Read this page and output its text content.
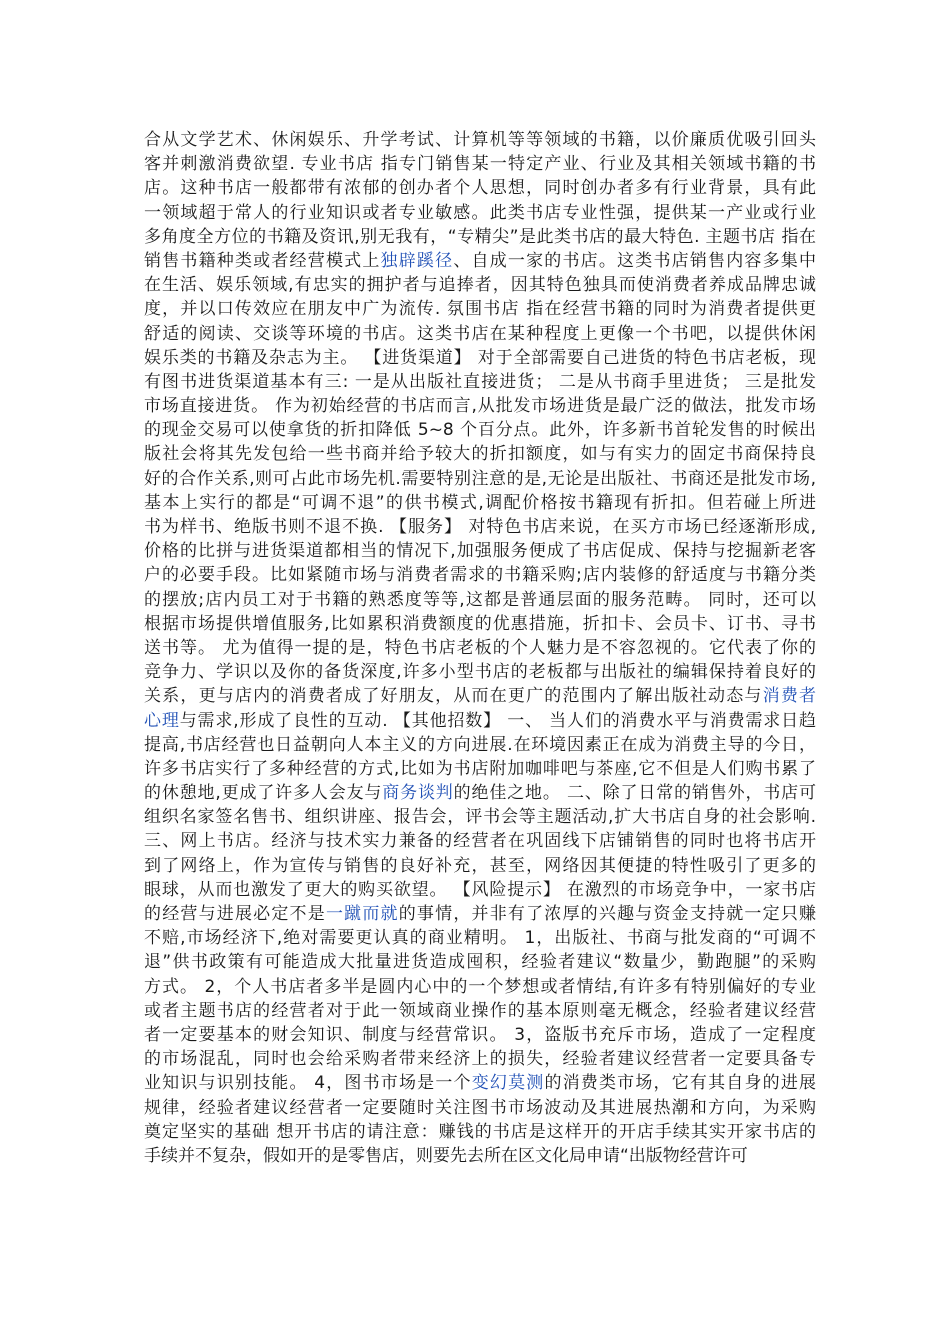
合从文学艺术、休闲娱乐、升学考试、计算机等等领域的书籍，以价廉质优吸引回头
客并刺激消费欲望. 专业书店 指专门销售某一特定产业、行业及其相关领域书籍的书
店。这种书店一般都带有浓郁的创办者个人思想，同时创办者多有行业背景，具有此
一领域超于常人的行业知识或者专业敏感。此类书店专业性强，提供某一产业或行业
多角度全方位的书籍及资讯,别无我有，“专精尖”是此类书店的最大特色. 主题书店 指在
销售书籍种类或者经营模式上独辟蹊径、自成一家的书店。这类书店销售内容多集中
在生活、娱乐领域,有忠实的拥护者与追捧者，因其特色独具而使消费者养成品牌忠诚
度，并以口传效应在朋友中广为流传. 氛围书店 指在经营书籍的同时为消费者提供更
舒适的阅读、交谈等环境的书店。这类书店在某种程度上更像一个书吧，以提供休闲
娱乐类的书籍及杂志为主。 【进货渠道】 对于全部需要自己进货的特色书店老板，现
有图书进货渠道基本有三: 一是从出版社直接进货； 二是从书商手里进货； 三是批发
市场直接进货。 作为初始经营的书店而言,从批发市场进货是最广泛的做法，批发市场
的现金交易可以使拿货的折扣降低 5~8 个百分点。此外，许多新书首轮发售的时候出
版社会将其先发包给一些书商并给予较大的折扣额度，如与有实力的固定书商保持良
好的合作关系,则可占此市场先机.需要特别注意的是,无论是出版社、书商还是批发市场,
基本上实行的都是“可调不退”的供书模式,调配价格按书籍现有折扣。但若碰上所进
书为样书、绝版书则不退不换. 【服务】 对特色书店来说，在买方市场已经逐渐形成,
价格的比拼与进货渠道都相当的情况下,加强服务便成了书店促成、保持与挖掘新老客
户的必要手段。比如紧随市场与消费者需求的书籍采购;店内装修的舒适度与书籍分类
的摆放;店内员工对于书籍的熟悉度等等,这都是普通层面的服务范畴。 同时，还可以
根据市场提供增值服务,比如累积消费额度的优惠措施，折扣卡、会员卡、订书、寻书
送书等。 尤为值得一提的是，特色书店老板的个人魅力是不容忽视的。它代表了你的
竞争力、学识以及你的备货深度,许多小型书店的老板都与出版社的编辑保持着良好的
关系，更与店内的消费者成了好朋友，从而在更广的范围内了解出版社动态与消费者
心理与需求,形成了良性的互动. 【其他招数】 一、 当人们的消费水平与消费需求日趋
提高,书店经营也日益朝向人本主义的方向进展.在环境因素正在成为消费主导的今日，
许多书店实行了多种经营的方式,比如为书店附加咖啡吧与茶座,它不但是人们购书累了
的休憩地,更成了许多人会友与商务谈判的绝佳之地。 二、除了日常的销售外，书店可
组织名家签名售书、组织讲座、报告会，评书会等主题活动,扩大书店自身的社会影响.
三、网上书店。经济与技术实力兼备的经营者在巩固线下店铺销售的同时也将书店开
到了网络上，作为宣传与销售的良好补充，甚至，网络因其便捷的特性吸引了更多的
眼球，从而也激发了更大的购买欲望。 【风险提示】 在激烈的市场竞争中，一家书店
的经营与进展必定不是一蹴而就的事情，并非有了浓厚的兴趣与资金支持就一定只赚
不赔,市场经济下,绝对需要更认真的商业精明。 1，出版社、书商与批发商的“可调不
退”供书政策有可能造成大批量进货造成囤积，经验者建议“数量少，勤跑腿”的采购
方式。 2，个人书店者多半是圆内心中的一个梦想或者情结,有许多有特别偏好的专业
或者主题书店的经营者对于此一领域商业操作的基本原则毫无概念，经验者建议经营
者一定要基本的财会知识、制度与经营常识。 3，盗版书充斥市场，造成了一定程度
的市场混乱，同时也会给采购者带来经济上的损失，经验者建议经营者一定要具备专
业知识与识别技能。 4，图书市场是一个变幻莫测的消费类市场，它有其自身的进展
规律，经验者建议经营者一定要随时关注图书市场波动及其进展热潮和方向，为采购
奠定坚实的基础 想开书店的请注意：赚钱的书店是这样开的开店手续其实开家书店的
手续并不复杂，假如开的是零售店，则要先去所在区文化局申请“出版物经营许可
